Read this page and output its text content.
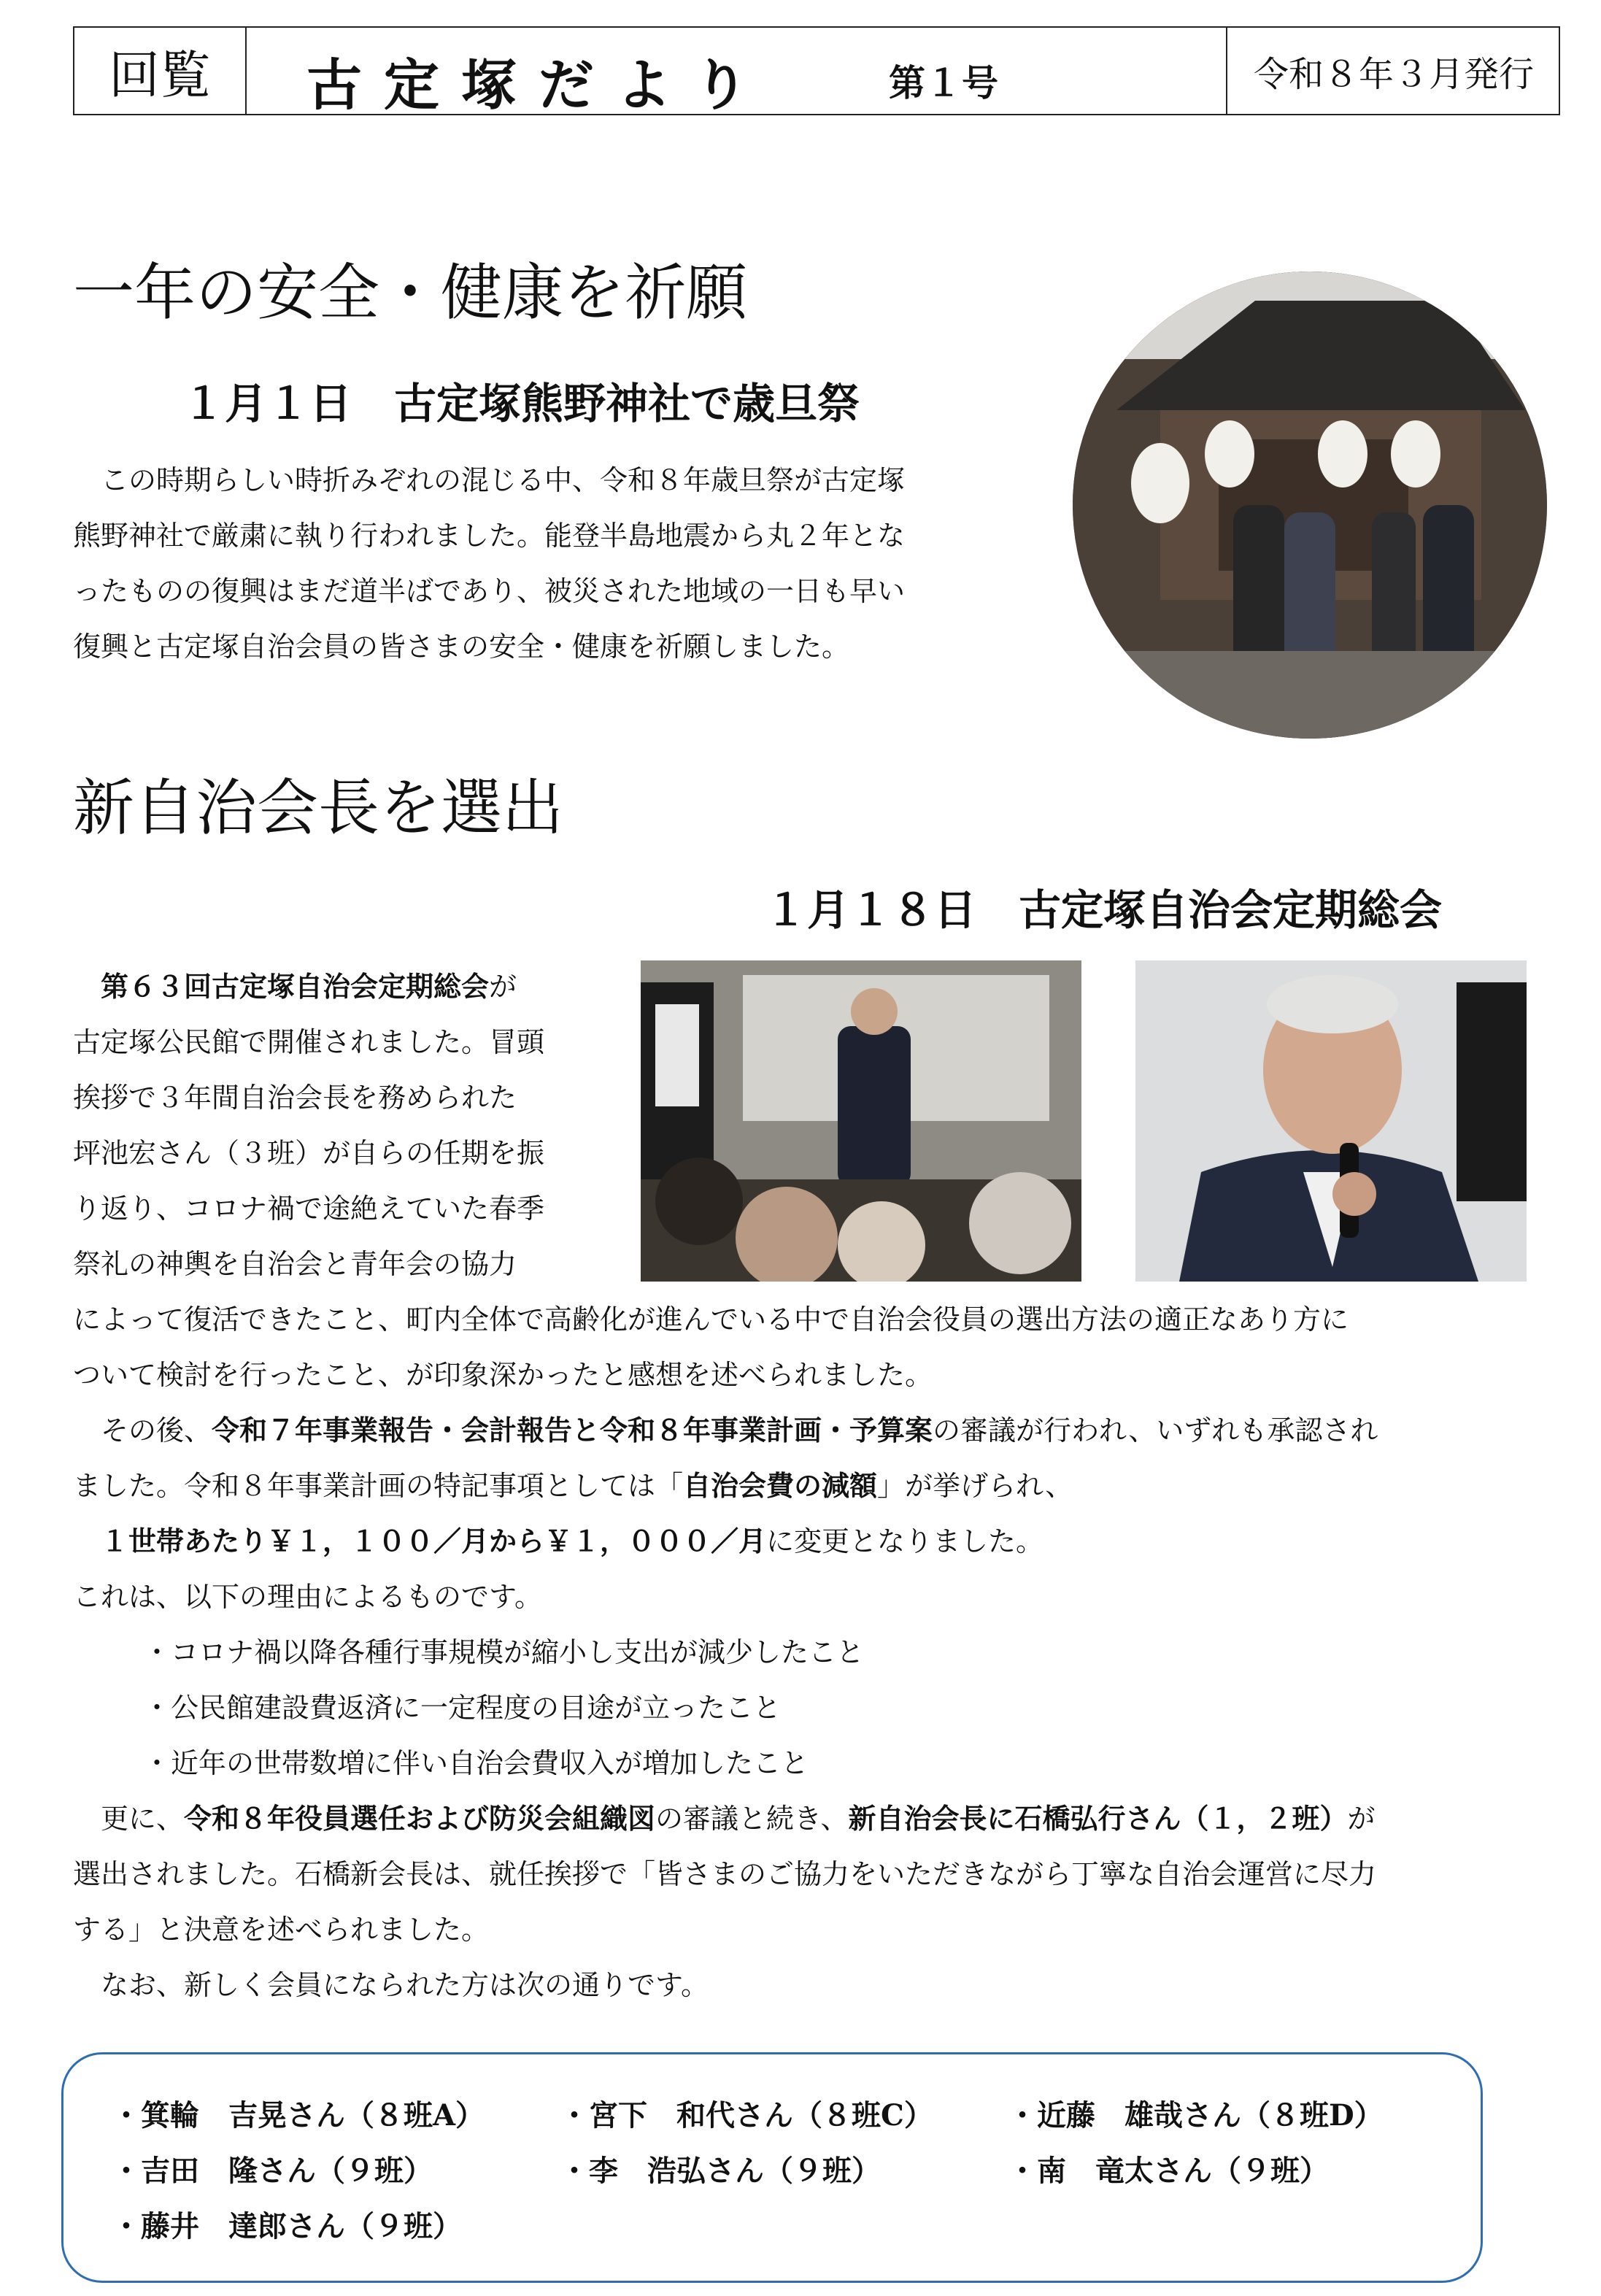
回覧	古定塚だより	第１号	令和８年３月発行
一年の安全・健康を祈願
１月１日　古定塚熊野神社で歳旦祭
　この時期らしい時折みぞれの混じる中、令和８年歳旦祭が古定塚
熊野神社で厳粛に執り行われました。能登半島地震から丸２年とな
ったものの復興はまだ道半ばであり、被災された地域の一日も早い
復興と古定塚自治会員の皆さまの安全・健康を祈願しました。
新自治会長を選出
１月１８日　古定塚自治会定期総会
　第６３回古定塚自治会定期総会が
古定塚公民館で開催されました。冒頭
挨拶で３年間自治会長を務められた
坪池宏さん（３班）が自らの任期を振
り返り、コロナ禍で途絶えていた春季
祭礼の神輿を自治会と青年会の協力
によって復活できたこと、町内全体で高齢化が進んでいる中で自治会役員の選出方法の適正なあり方に
ついて検討を行ったこと、が印象深かったと感想を述べられました。
　その後、令和７年事業報告・会計報告と令和８年事業計画・予算案の審議が行われ、いずれも承認され
ました。令和８年事業計画の特記事項としては「自治会費の減額」が挙げられ、
　１世帯あたり￥１，１００／月から￥１，０００／月に変更となりました。
これは、以下の理由によるものです。
・コロナ禍以降各種行事規模が縮小し支出が減少したこと
・公民館建設費返済に一定程度の目途が立ったこと
・近年の世帯数増に伴い自治会費収入が増加したこと
　更に、令和８年役員選任および防災会組織図の審議と続き、新自治会長に石橋弘行さん（１，２班）が
選出されました。石橋新会長は、就任挨拶で「皆さまのご協力をいただきながら丁寧な自治会運営に尽力
する」と決意を述べられました。
　なお、新しく会員になられた方は次の通りです。
・箕輪　吉晃さん（８班A）	・宮下　和代さん（８班C）	・近藤　雄哉さん（８班D）
・吉田　隆さん（９班）	・李　浩弘さん（９班）	・南　竜太さん（９班）
・藤井　達郎さん（９班）
